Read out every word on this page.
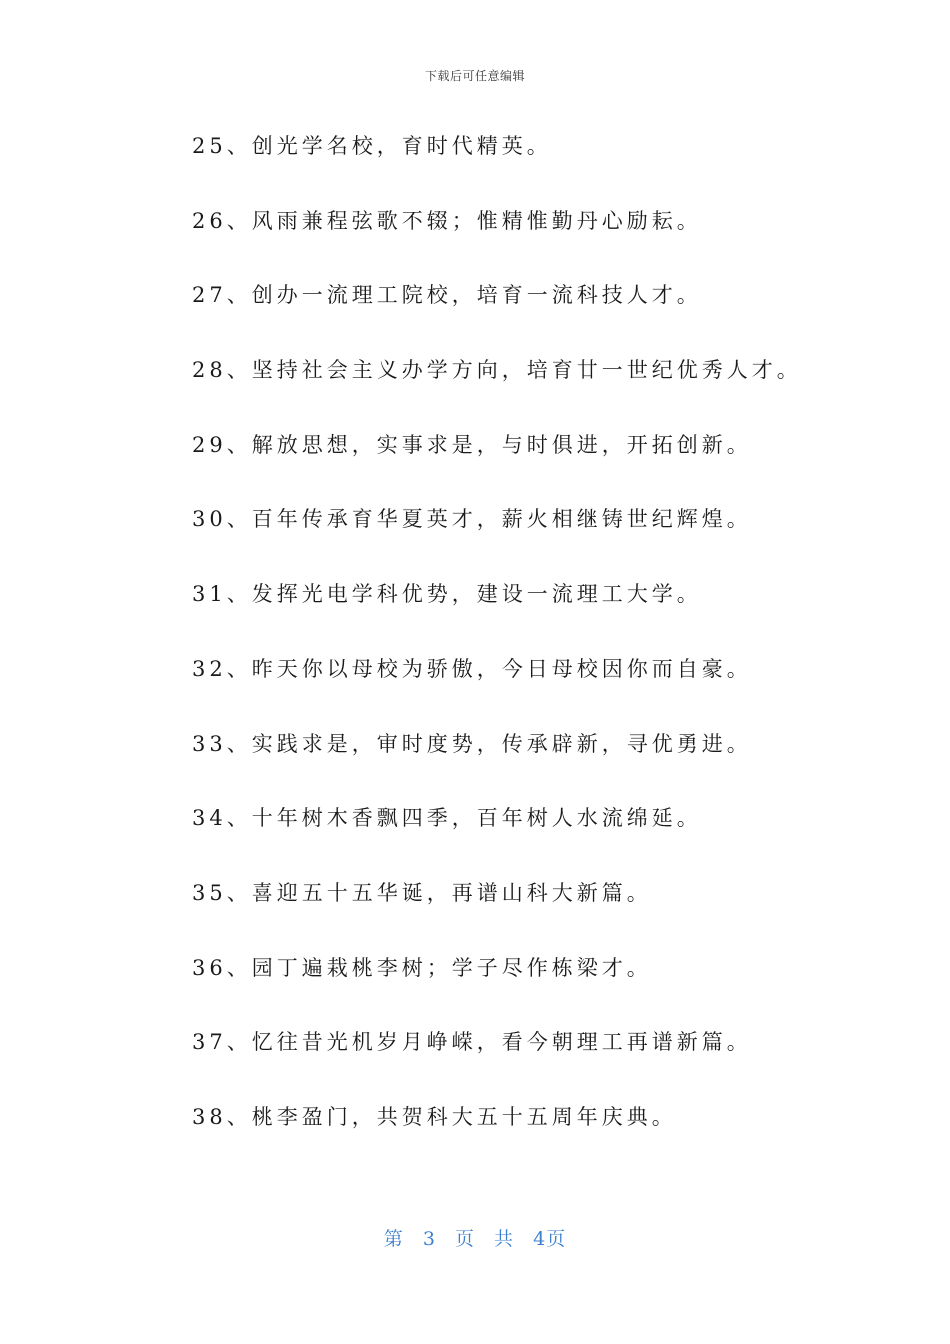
下载后可任意编辑
25、创光学名校，育时代精英。
26、风雨兼程弦歌不辍；惟精惟勤丹心励耘。
27、创办一流理工院校，培育一流科技人才。
28、坚持社会主义办学方向，培育廿一世纪优秀人才。
29、解放思想，实事求是，与时俱进，开拓创新。
30、百年传承育华夏英才，薪火相继铸世纪辉煌。
31、发挥光电学科优势，建设一流理工大学。
32、昨天你以母校为骄傲，今日母校因你而自豪。
33、实践求是，审时度势，传承辟新，寻优勇进。
34、十年树木香飘四季，百年树人水流绵延。
35、喜迎五十五华诞，再谱山科大新篇。
36、园丁遍栽桃李树；学子尽作栋梁才。
37、忆往昔光机岁月峥嵘，看今朝理工再谱新篇。
38、桃李盈门，共贺科大五十五周年庆典。
第 3 页 共 4页
